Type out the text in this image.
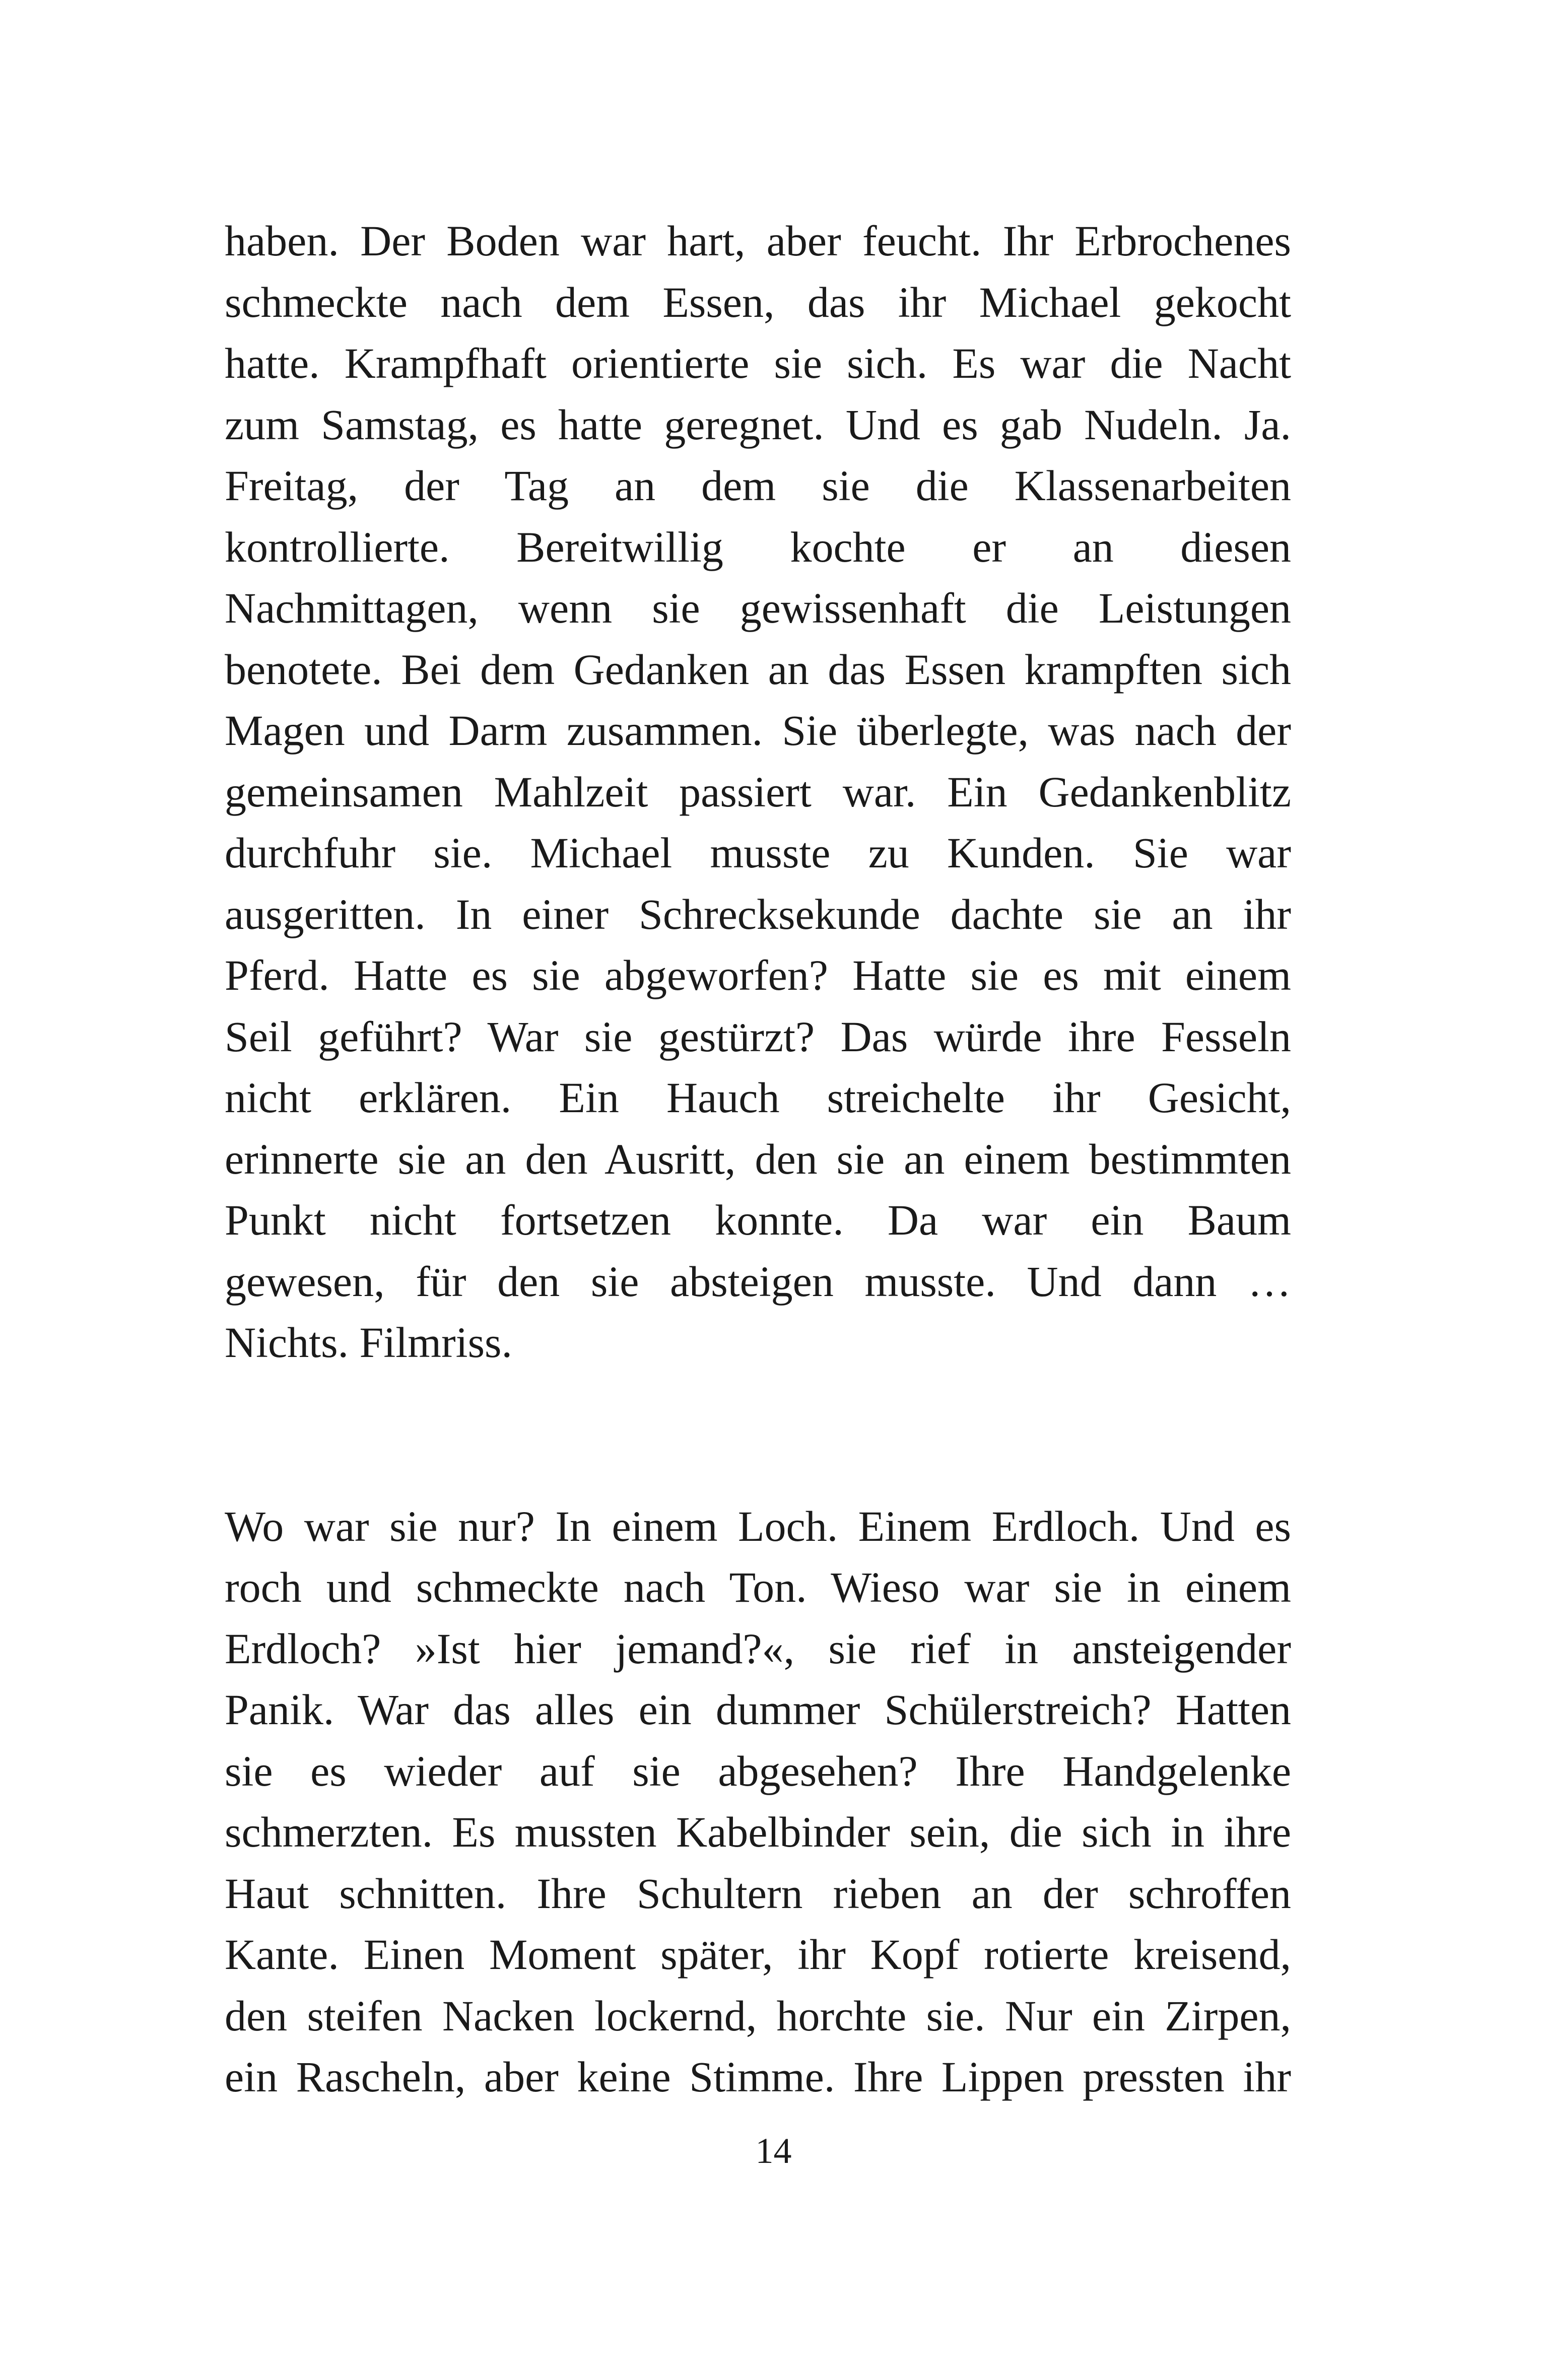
haben. Der Boden war hart, aber feucht. Ihr Erbrochenes
schmeckte nach dem Essen, das ihr Michael gekocht
hatte. Krampfhaft orientierte sie sich. Es war die Nacht
zum Samstag, es hatte geregnet. Und es gab Nudeln. Ja.
Freitag, der Tag an dem sie die Klassenarbeiten
kontrollierte. Bereitwillig kochte er an diesen
Nachmittagen, wenn sie gewissenhaft die Leistungen
benotete. Bei dem Gedanken an das Essen krampften sich
Magen und Darm zusammen. Sie überlegte, was nach der
gemeinsamen Mahlzeit passiert war. Ein Gedankenblitz
durchfuhr sie. Michael musste zu Kunden. Sie war
ausgeritten. In einer Schrecksekunde dachte sie an ihr
Pferd. Hatte es sie abgeworfen? Hatte sie es mit einem
Seil geführt? War sie gestürzt? Das würde ihre Fesseln
nicht erklären. Ein Hauch streichelte ihr Gesicht,
erinnerte sie an den Ausritt, den sie an einem bestimmten
Punkt nicht fortsetzen konnte. Da war ein Baum
gewesen, für den sie absteigen musste. Und dann …
Nichts. Filmriss.
Wo war sie nur? In einem Loch. Einem Erdloch. Und es
roch und schmeckte nach Ton. Wieso war sie in einem
Erdloch? »Ist hier jemand?«, sie rief in ansteigender
Panik. War das alles ein dummer Schülerstreich? Hatten
sie es wieder auf sie abgesehen? Ihre Handgelenke
schmerzten. Es mussten Kabelbinder sein, die sich in ihre
Haut schnitten. Ihre Schultern rieben an der schroffen
Kante. Einen Moment später, ihr Kopf rotierte kreisend,
den steifen Nacken lockernd, horchte sie. Nur ein Zirpen,
ein Rascheln, aber keine Stimme. Ihre Lippen pressten ihr
14
